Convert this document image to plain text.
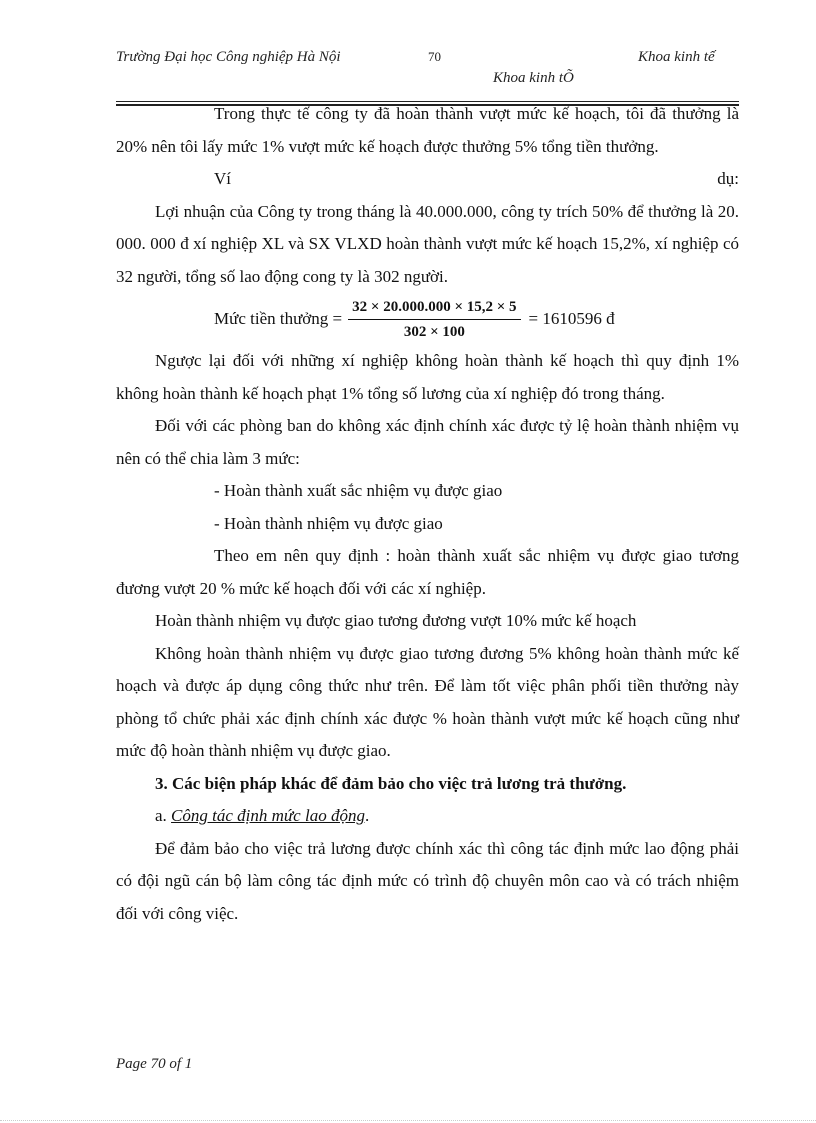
Trường Đại học Công nghiệp Hà Nội	70	Khoa kinh tế
Khoa kinh tÕ

Trong thực tế công ty đã hoàn thành vượt mức kế hoạch, tôi đã thưởng là 20% nên tôi lấy mức 1% vượt mức kế hoạch được thưởng 5% tổng tiền thưởng.

Ví	dụ:

Lợi nhuận của Công ty trong tháng là 40.000.000, công ty trích 50% để thưởng là 20. 000. 000 đ xí nghiệp XL và SX VLXD hoàn thành vượt mức kế hoạch 15,2%, xí nghiệp có 32 người, tổng số lao động cong ty là 302 người.

Mức tiền thưởng = $\frac{32 \times 20.000.000 \times 15,2 \times 5}{302 \times 100} = 1610596$ đ

Ngược lại đối với những xí nghiệp không hoàn thành kế hoạch thì quy định 1% không hoàn thành kế hoạch phạt 1% tổng số lương của xí nghiệp đó trong tháng.

Đối với các phòng ban do không xác định chính xác được tỷ lệ hoàn thành nhiệm vụ nên có thể chia làm 3 mức:

- Hoàn thành xuất sắc nhiệm vụ được giao

- Hoàn thành nhiệm vụ được giao

Theo em nên quy định : hoàn thành xuất sắc nhiệm vụ được giao tương đương vượt 20 % mức kế hoạch đối với các xí nghiệp.

Hoàn thành nhiệm vụ được giao tương đương vượt 10% mức kế hoạch

Không hoàn thành nhiệm vụ được giao tương đương 5% không hoàn thành mức kế hoạch và được áp dụng công thức như trên. Để làm tốt việc phân phối tiền thưởng này phòng tổ chức phải xác định chính xác được % hoàn thành vượt mức kế hoạch cũng như mức độ hoàn thành nhiệm vụ được giao.

3. Các biện pháp khác để đảm bảo cho việc trả lương trả thưởng.

a. Công tác định mức lao động.

Để đảm bảo cho việc trả lương được chính xác thì công tác định mức lao động phải có đội ngũ cán bộ làm công tác định mức có trình độ chuyên môn cao và có trách nhiệm đối với công việc.

Page 70 of 1
